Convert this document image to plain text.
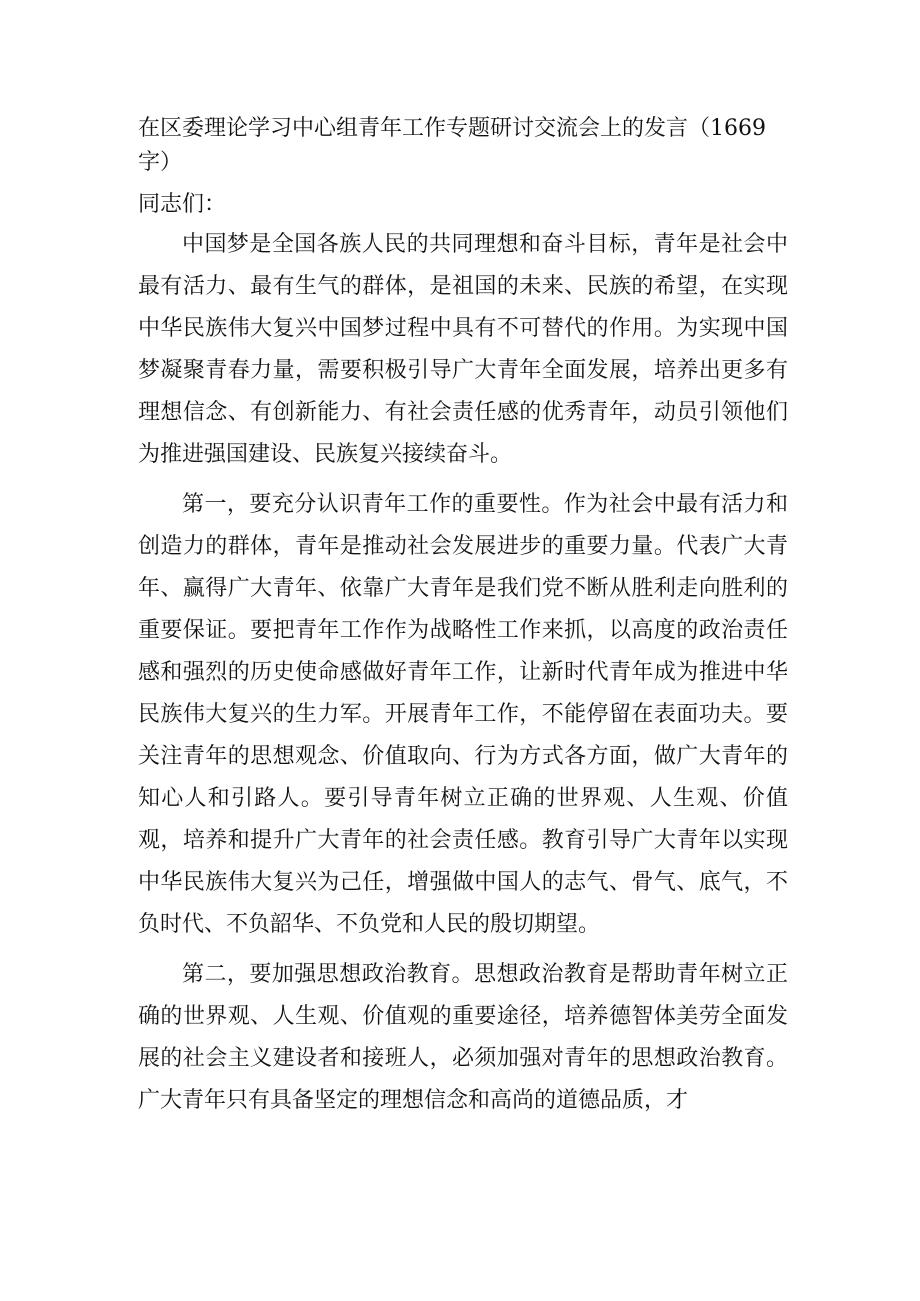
在区委理论学习中心组青年工作专题研讨交流会上的发言（1669字）

同志们：

中国梦是全国各族人民的共同理想和奋斗目标，青年是社会中最有活力、最有生气的群体，是祖国的未来、民族的希望，在实现中华民族伟大复兴中国梦过程中具有不可替代的作用。为实现中国梦凝聚青春力量，需要积极引导广大青年全面发展，培养出更多有理想信念、有创新能力、有社会责任感的优秀青年，动员引领他们为推进强国建设、民族复兴接续奋斗。

第一，要充分认识青年工作的重要性。作为社会中最有活力和创造力的群体，青年是推动社会发展进步的重要力量。代表广大青年、赢得广大青年、依靠广大青年是我们党不断从胜利走向胜利的重要保证。要把青年工作作为战略性工作来抓，以高度的政治责任感和强烈的历史使命感做好青年工作，让新时代青年成为推进中华民族伟大复兴的生力军。开展青年工作，不能停留在表面功夫。要关注青年的思想观念、价值取向、行为方式各方面，做广大青年的知心人和引路人。要引导青年树立正确的世界观、人生观、价值观，培养和提升广大青年的社会责任感。教育引导广大青年以实现中华民族伟大复兴为己任，增强做中国人的志气、骨气、底气，不负时代、不负韶华、不负党和人民的殷切期望。

第二，要加强思想政治教育。思想政治教育是帮助青年树立正确的世界观、人生观、价值观的重要途径，培养德智体美劳全面发展的社会主义建设者和接班人，必须加强对青年的思想政治教育。广大青年只有具备坚定的理想信念和高尚的道德品质，才
